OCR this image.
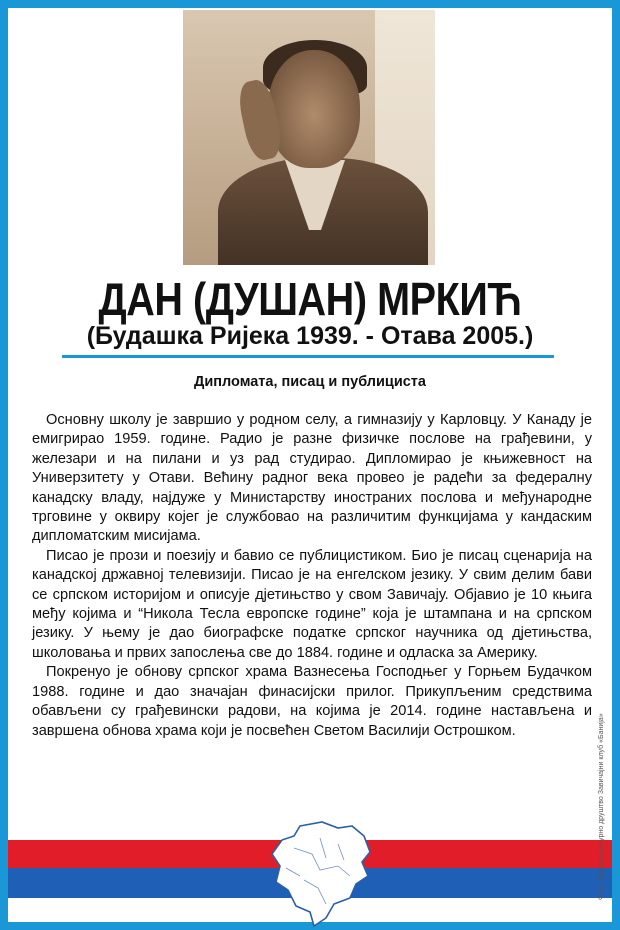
ДАН (ДУШАН) МРКИЋ
(Будашка Ријека 1939. - Отава 2005.)
Дипломата, писац и публициста

Основну школу је завршио у родном селу, а гимназију у Карловцу. У Канаду је емигрирао 1959. године. Радио је разне физичке послове на грађевини, у железари и на пилани и уз рад студирао. Дипломирао је књижевност на Универзитету у Отави. Већину радног века провео је радећи за федералну канадску владу, најдуже у Министарству иностраних послова и међународне трговине у оквиру којег је службовао на различитим функцијама у кандаским дипломатским мисијама.

Писао је прози и поезију и бавио се публицистиком. Био је писац сценарија на канадској државној телевизији. Писао је на енгелском језику. У свим делим бави се српском историјом и описује дјетињство у свом Завичају. Објавио је 10 књига међу којима и “Никола Тесла европске године” која је штампана и на српском језику. У њему је дао биографске податке српског научника од дјетињства, школовања и првих запослења све до 1884. године и одласка за Америку.

Покренуо је обнову српског храма Вазнесења Господњег у Горњем Будачком 1988. године и дао значајан финасијски прилог. Прикупљеним средствима обављени су грађевински радови, на којима је 2014. године настављена и завршена обнова храма који је посвећен Светом Василији Острошком.	Фото: Српско културно друштво Завичајни клуб «Банија»
